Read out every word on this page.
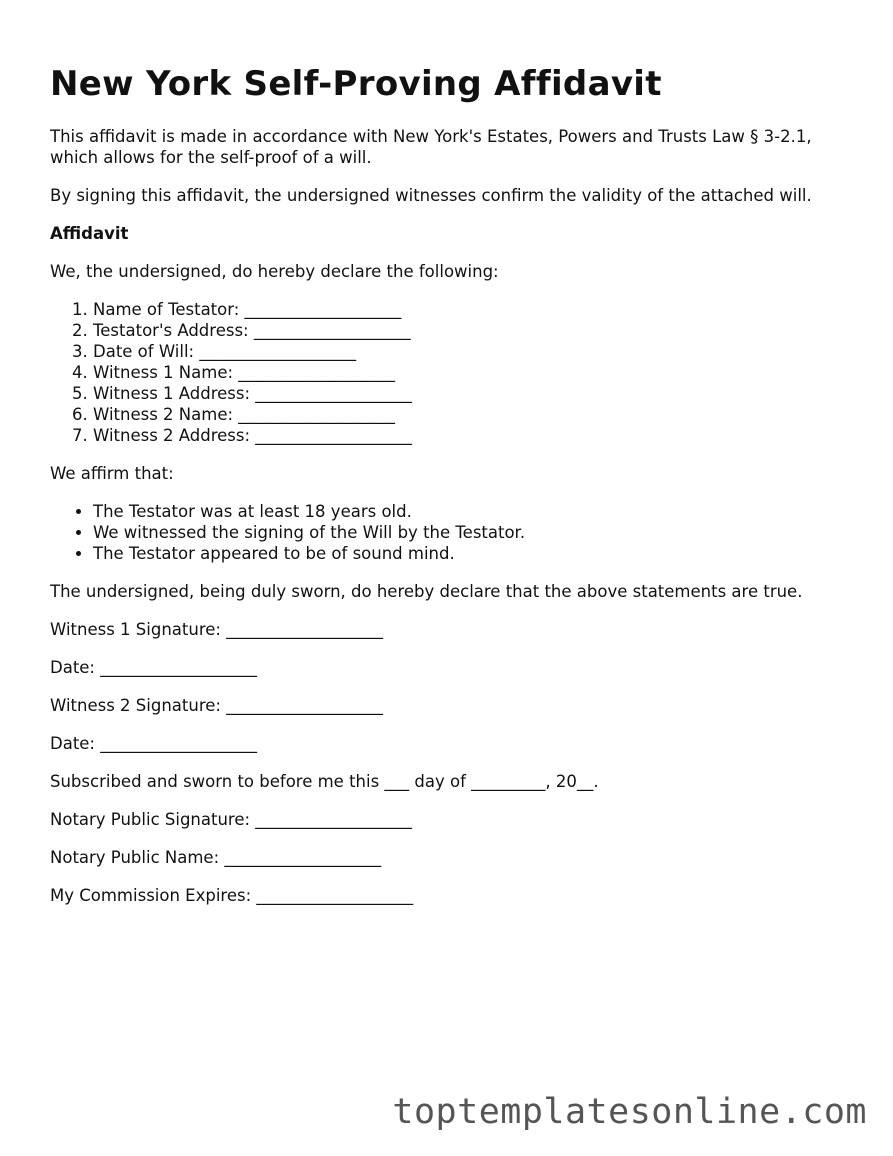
New York Self-Proving Affidavit

This affidavit is made in accordance with New York's Estates, Powers and Trusts Law § 3-2.1, which allows for the self-proof of a will.

By signing this affidavit, the undersigned witnesses confirm the validity of the attached will.

Affidavit

We, the undersigned, do hereby declare the following:

1. Name of Testator: ___________________
2. Testator's Address: ___________________
3. Date of Will: ___________________
4. Witness 1 Name: ___________________
5. Witness 1 Address: ___________________
6. Witness 2 Name: ___________________
7. Witness 2 Address: ___________________

We affirm that:

• The Testator was at least 18 years old.
• We witnessed the signing of the Will by the Testator.
• The Testator appeared to be of sound mind.

The undersigned, being duly sworn, do hereby declare that the above statements are true.

Witness 1 Signature: ___________________

Date: ___________________

Witness 2 Signature: ___________________

Date: ___________________

Subscribed and sworn to before me this ___ day of _________, 20__.

Notary Public Signature: ___________________

Notary Public Name: ___________________

My Commission Expires: ___________________

toptemplatesonline.com
